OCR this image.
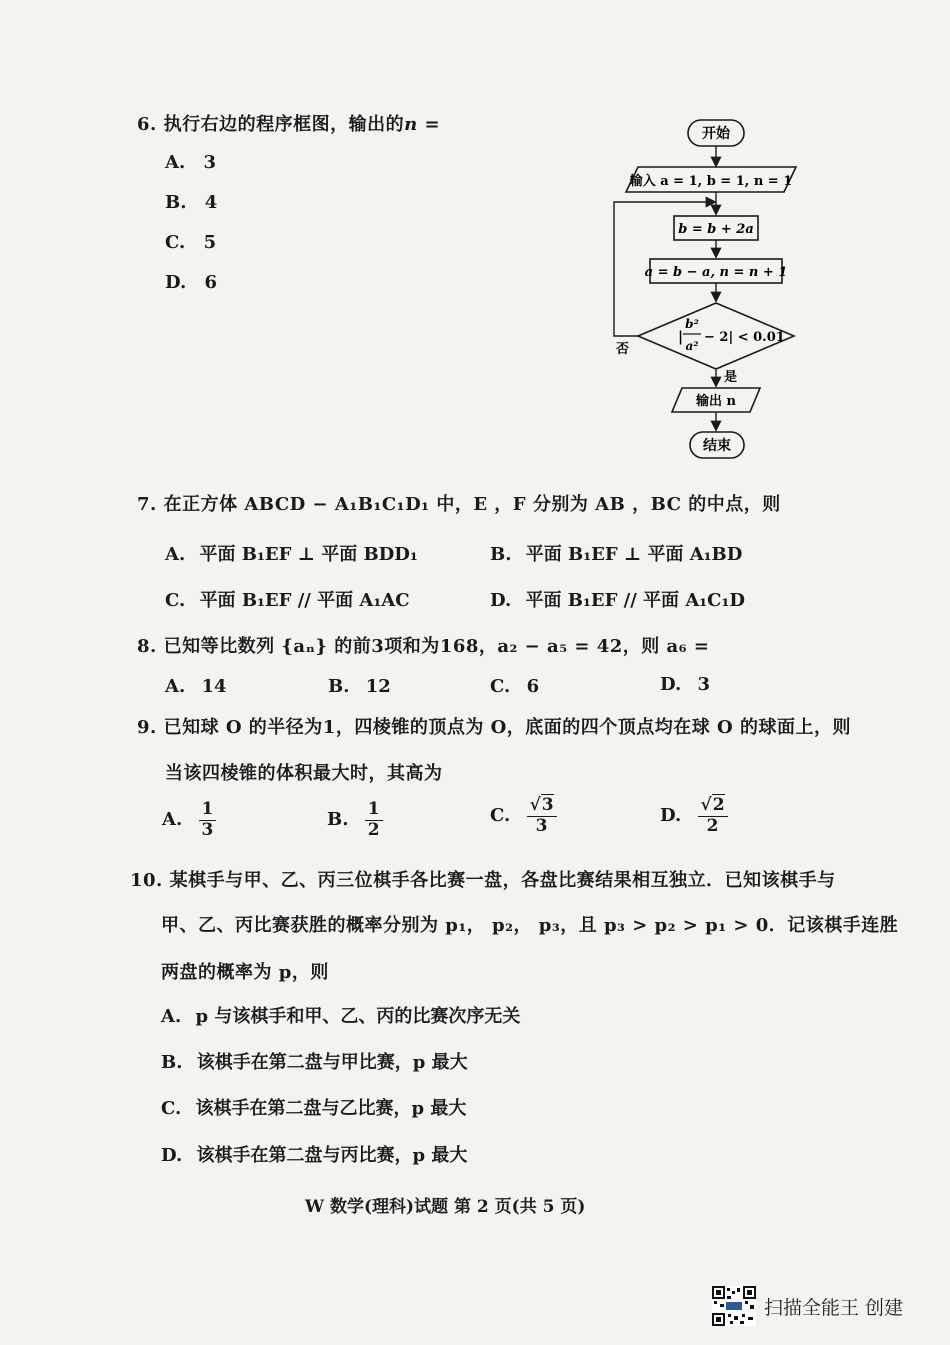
6. 执行右边的程序框图，输出的n =
A. 3
B. 4
C. 5
D. 6
开始
输入 a = 1, b = 1, n = 1
b = b + 2a
a = b − a, n = n + 1
|
b²
a²
− 2| < 0.01
否
是
输出 n
结束
7. 在正方体 ABCD − A₁B₁C₁D₁ 中，E ，F 分别为 AB ，BC 的中点，则
A. 平面 B₁EF ⊥ 平面 BDD₁	B. 平面 B₁EF ⊥ 平面 A₁BD
C. 平面 B₁EF // 平面 A₁AC	D. 平面 B₁EF // 平面 A₁C₁D
8. 已知等比数列 {aₙ} 的前3项和为168，a₂ − a₅ = 42，则 a₆ =
A. 14	B. 12	C. 6	D. 3
9. 已知球 O 的半径为1，四棱锥的顶点为 O，底面的四个顶点均在球 O 的球面上，则
当该四棱锥的体积最大时，其高为
A. $\frac{1}{3}$	B. $\frac{1}{2}$	C. $\frac{√3}{3}$	D. $\frac{√2}{2}$
10. 某棋手与甲、乙、丙三位棋手各比赛一盘，各盘比赛结果相互独立．已知该棋手与
甲、乙、丙比赛获胜的概率分别为 p₁， p₂， p₃，且 p₃ > p₂ > p₁ > 0．记该棋手连胜
两盘的概率为 p，则
A. p 与该棋手和甲、乙、丙的比赛次序无关
B. 该棋手在第二盘与甲比赛，p 最大
C. 该棋手在第二盘与乙比赛，p 最大
D. 该棋手在第二盘与丙比赛，p 最大
W 数学(理科)试题 第 2 页(共 5 页)
扫描全能王 创建
